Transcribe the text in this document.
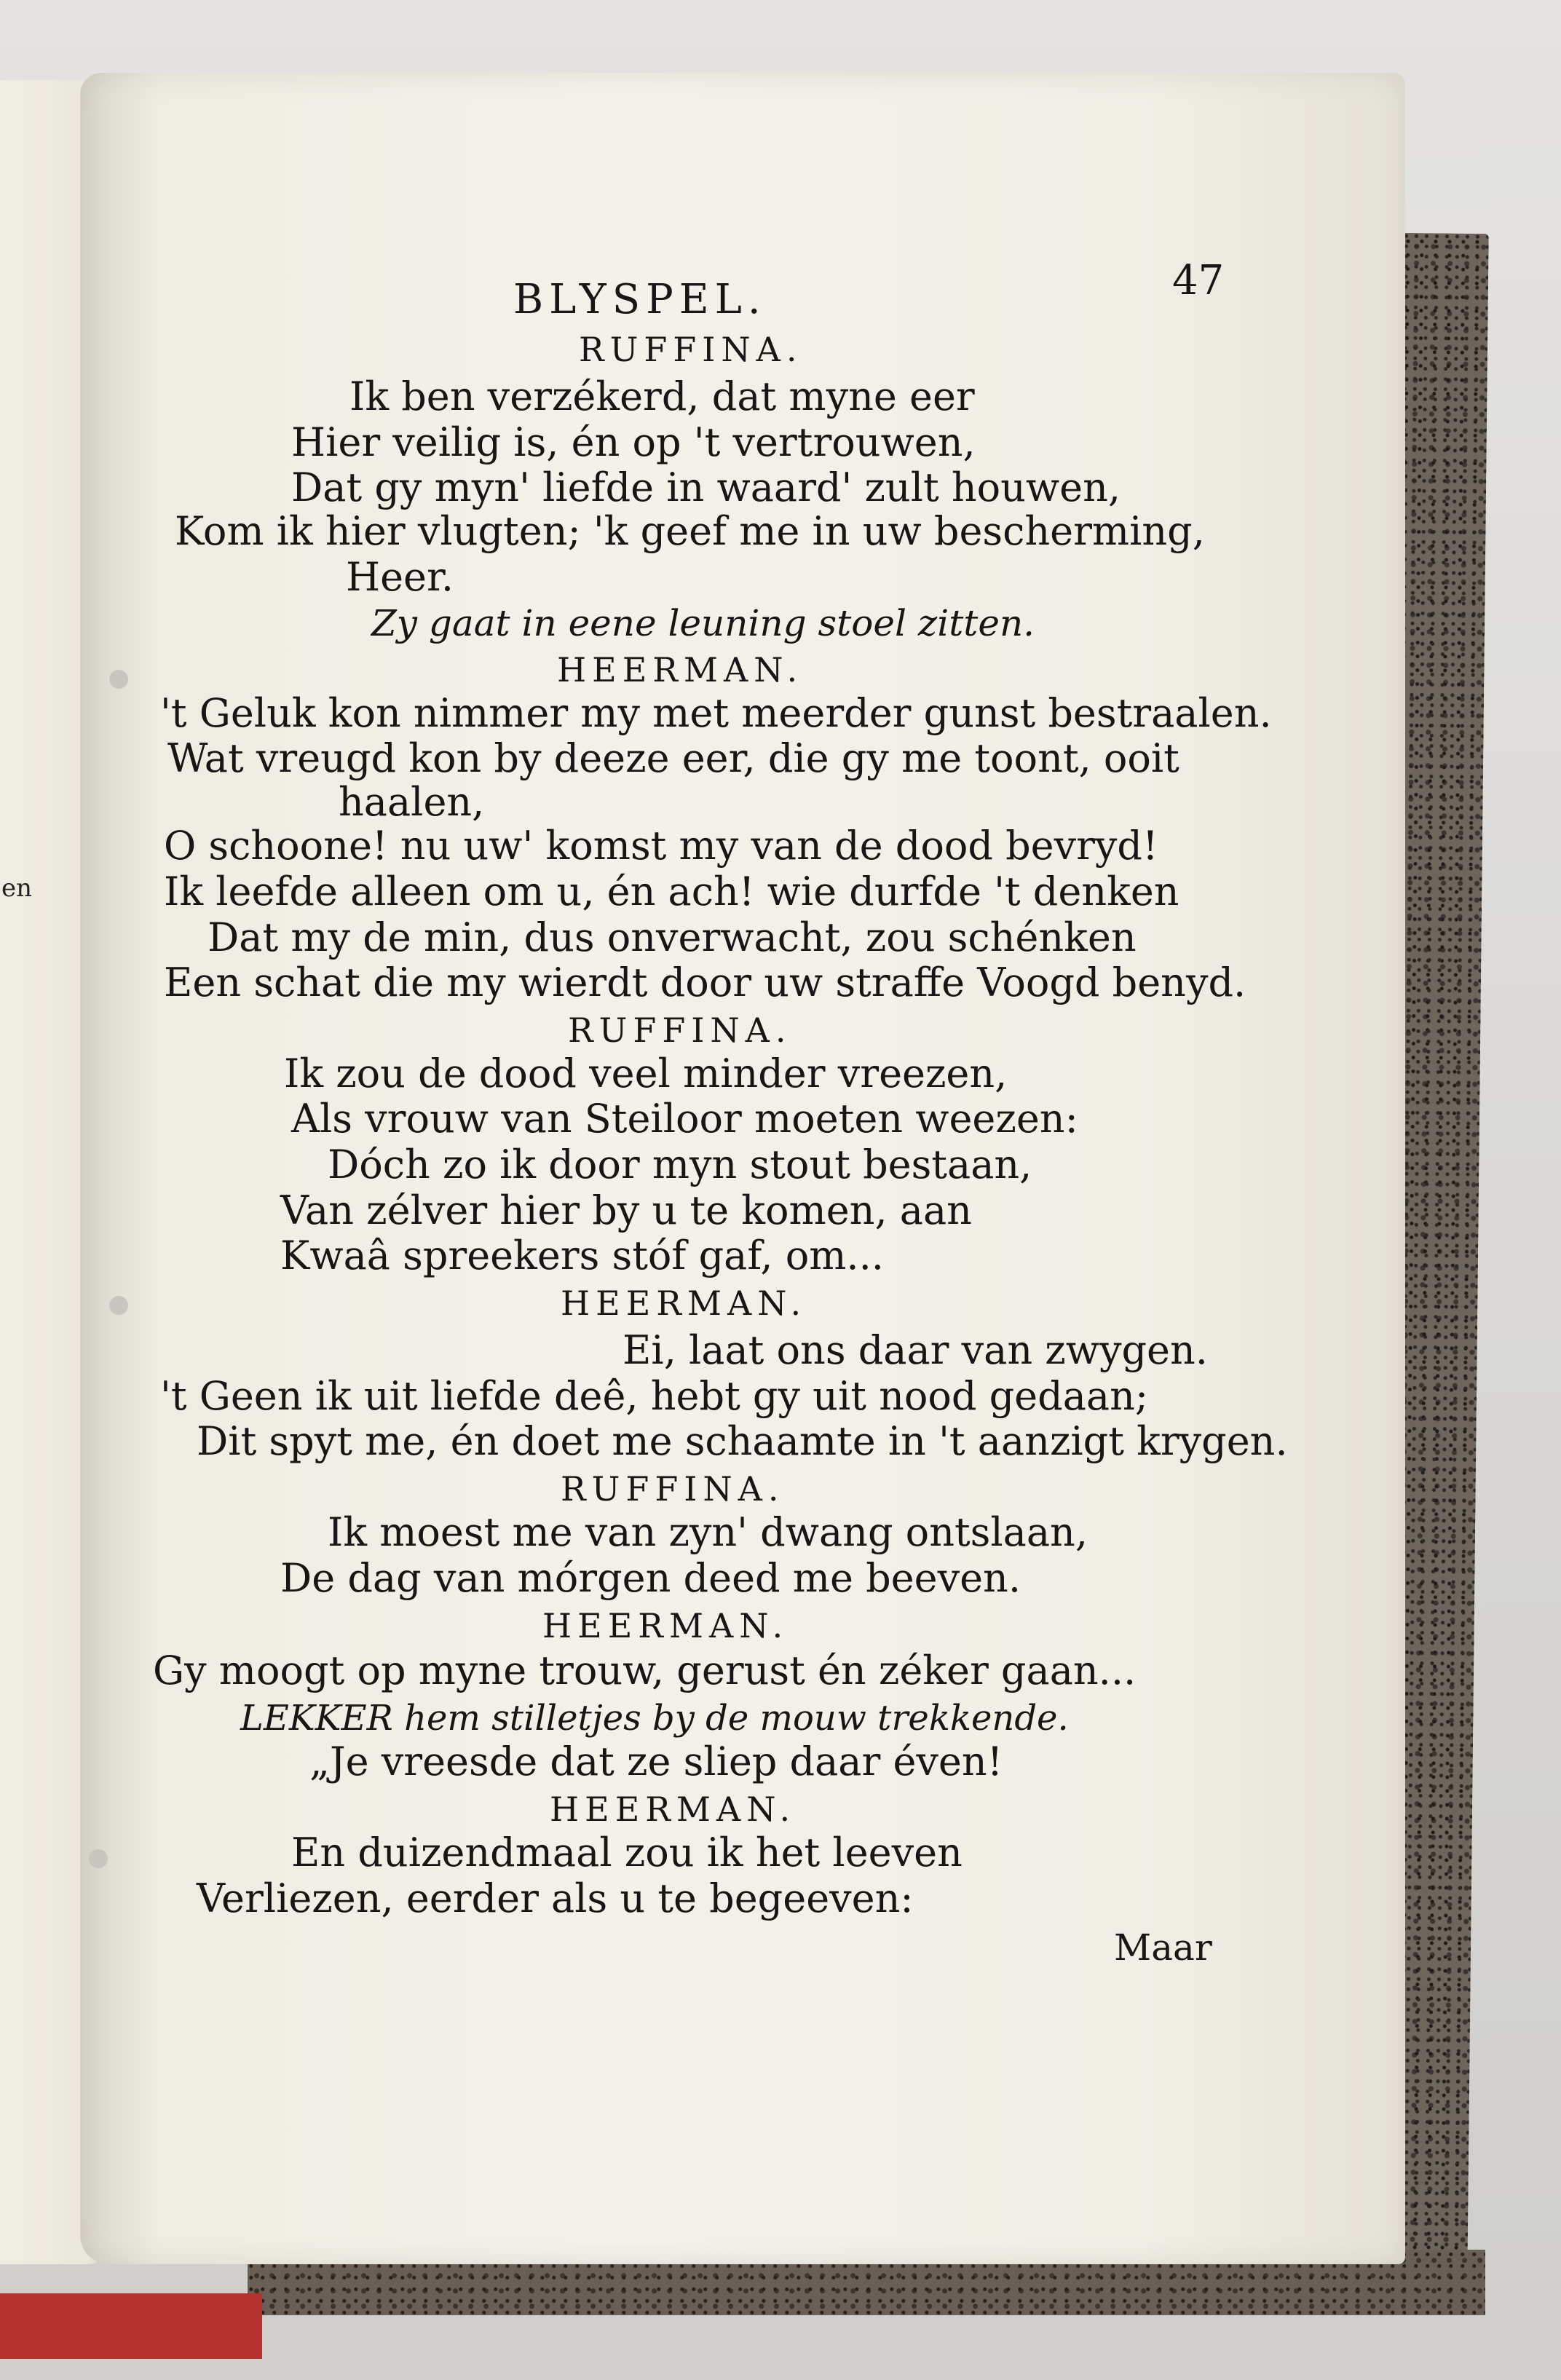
en
BLYSPEL.	47
RUFFINA.
Ik ben verzékerd, dat myne eer
Hier veilig is, én op 't vertrouwen,
Dat gy myn' liefde in waard' zult houwen,
Kom ik hier vlugten; 'k geef me in uw bescherming,
Heer.
Zy gaat in eene leuning stoel zitten.
HEERMAN.
't Geluk kon nimmer my met meerder gunst bestraalen.
Wat vreugd kon by deeze eer, die gy me toont, ooit
haalen,
O schoone! nu uw' komst my van de dood bevryd!
Ik leefde alleen om u, én ach! wie durfde 't denken
Dat my de min, dus onverwacht, zou schénken
Een schat die my wierdt door uw straffe Voogd benyd.
RUFFINA.
Ik zou de dood veel minder vreezen,
Als vrouw van Steiloor moeten weezen:
Dóch zo ik door myn stout bestaan,
Van zélver hier by u te komen, aan
Kwaâ spreekers stóf gaf, om...
HEERMAN.
Ei, laat ons daar van zwygen.
't Geen ik uit liefde deê, hebt gy uit nood gedaan;
Dit spyt me, én doet me schaamte in 't aanzigt krygen.
RUFFINA.
Ik moest me van zyn' dwang ontslaan,
De dag van mórgen deed me beeven.
HEERMAN.
Gy moogt op myne trouw, gerust én zéker gaan...
LEKKER hem stilletjes by de mouw trekkende.
„Je vreesde dat ze sliep daar éven!
HEERMAN.
En duizendmaal zou ik het leeven
Verliezen, eerder als u te begeeven:
Maar
